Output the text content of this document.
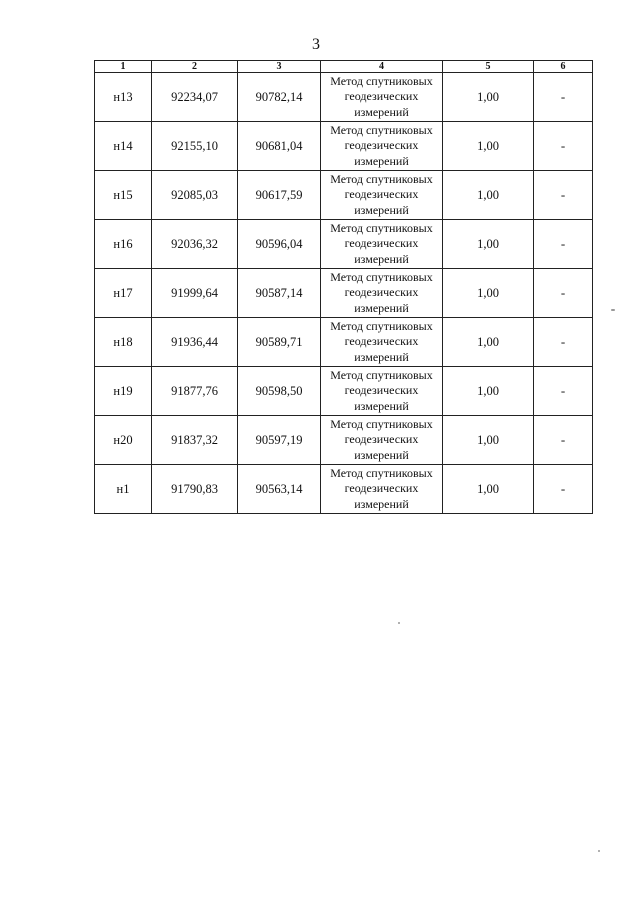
3
1	2	3	4	5	6
н13	92234,07	90782,14	Метод спутниковых
геодезических
измерений	1,00	-
н14	92155,10	90681,04	Метод спутниковых
геодезических
измерений	1,00	-
н15	92085,03	90617,59	Метод спутниковых
геодезических
измерений	1,00	-
н16	92036,32	90596,04	Метод спутниковых
геодезических
измерений	1,00	-
н17	91999,64	90587,14	Метод спутниковых
геодезических
измерений	1,00	-
н18	91936,44	90589,71	Метод спутниковых
геодезических
измерений	1,00	-
н19	91877,76	90598,50	Метод спутниковых
геодезических
измерений	1,00	-
н20	91837,32	90597,19	Метод спутниковых
геодезических
измерений	1,00	-
н1	91790,83	90563,14	Метод спутниковых
геодезических
измерений	1,00	-
